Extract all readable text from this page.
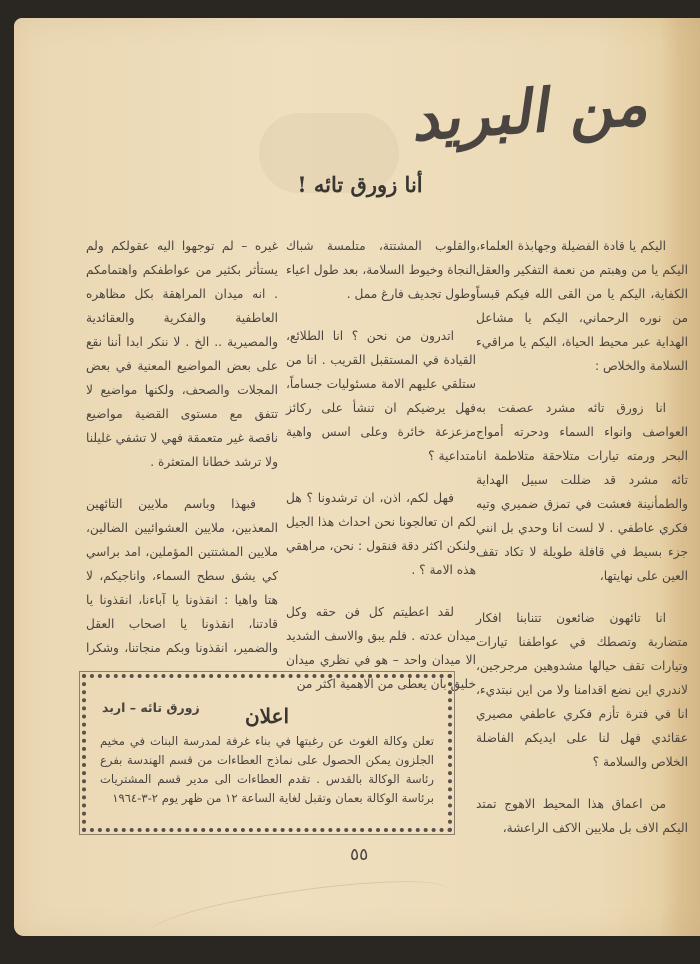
من البريد
أنا زورق تائه !

اليكم يا قادة الفضيلة وجهابذة العلماء، اليكم يا من وهبتم من نعمة التفكير والعقل الكفاية، اليكم يا من القى الله فيكم قبساً من نوره الرحماني، اليكم يا مشاعل الهداية عبر محيط الحياة، اليكم يا مراقيء السلامة والخلاص :

انا زورق تائه مشرد عصفت به العواصف وانواء السماء ودحرته أمواج البحر ورمته تيارات متلاحقة متلاطمة انا تائه مشرد قد ضللت سبيل الهداية والطمأنينة فعشت في تمزق ضميري وتيه فكري عاطفي . لا لست انا وحدي بل انني جزء بسيط في قافلة طويلة لا تكاد تقف العين على نهايتها،

انا تائهون ضائعون تتنابنا افكار متضاربة وتصطك في عواطفنا تيارات وتيارات تقف حيالها مشدوهين مرجرجين، لاندري اين نضع اقدامنا ولا من اين نبتديء، انا في فترة تأزم فكري عاطفي مصيري عقائدي فهل لنا على ايديكم الفاضلة الخلاص والسلامة ؟

من اعماق هذا المحيط الاهوج تمتد اليكم الاف بل ملايين الاكف الراعشة،

والقلوب المشتتة، متلمسة شباك النجاة وخيوط السلامة، بعد طول اعياء وطول تجديف فارغ ممل .

اتدرون من نحن ؟ انا الطلائع، القيادة في المستقبل القريب . انا من ستلقي عليهم الامة مسئوليات جساماً، فهل يرضيكم ان تنشأ على ركائز مزعزعة خائرة وعلى اسس واهية متداعية ؟

فهل لكم، اذن، ان ترشدونا ؟ هل لكم ان تعالجونا نحن احداث هذا الجيل ولنكن اكثر دقة فنقول : نحن، مراهقي هذه الامة ؟ .

لقد اعطيتم كل فن حقه وكل ميدان عدته . فلم يبق والاسف الشديد الا ميدان واحد – هو في نظري ميدان خليق بان يعطى من الاهمية اكثر من

غيره – لم توجهوا اليه عقولكم ولم يستأثر بكثير من عواطفكم واهتمامكم . انه ميدان المراهقة بكل مظاهره العاطفية والفكرية والعقائدية والمصيرية .. الخ . لا ننكر ابدا أننا نقع على بعض المواضيع المعنية في بعض المجلات والصحف، ولكنها مواضيع لا تتفق مع مستوى القضية مواضيع ناقصة غير متعمقة فهي لا تشفي غليلنا ولا ترشد خطانا المتعثرة .

فبهذا وباسم ملايين التائهين المعذبين، ملايين العشوائيين الضالين، ملايين المشتتين المؤملين، امد براسي كي يشق سطح السماء، واناجيكم، لا هتا واهيا : انقذونا يا آباءنا، انقذونا يا قادتنا، انقذونا يا اصحاب العقل والضمير، انقذونا وبكم منجاتنا، وشكرا .

زورق تائه – اربد	اعلان
تعلن وكالة الغوث عن رغبتها في بناء غرفة لمدرسة البنات في مخيم الجلزون يمكن الحصول على نماذج العطاءات من قسم الهندسة بفرع رئاسة الوكالة بالقدس . تقدم العطاءات الى مدير قسم المشتريات برئاسة الوكالة بعمان وتقبل لغاية الساعة ١٢ من ظهر يوم ٢-٣-١٩٦٤
٥٥
